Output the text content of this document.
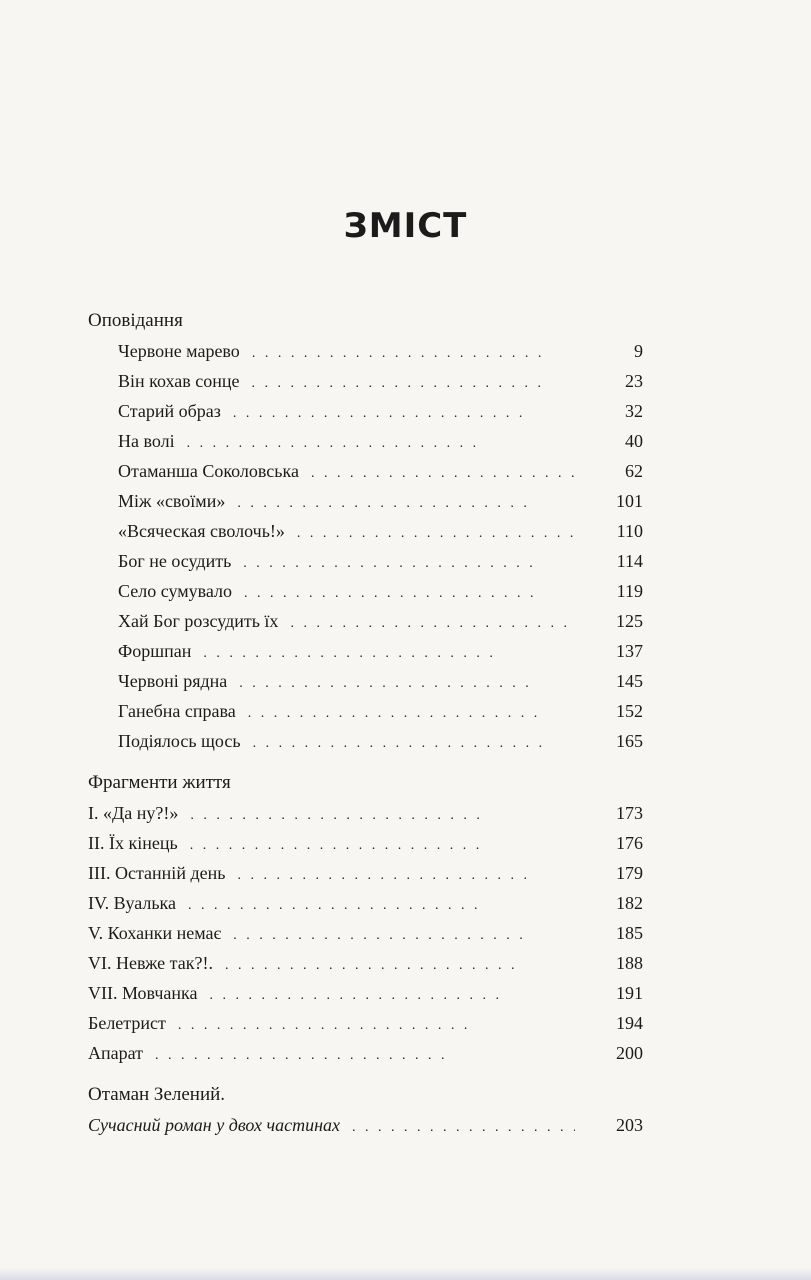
ЗМІСТ
Оповідання
Червоне марево . . .	9
Він кохав сонце . . .	23
Старий образ . . .	32
На волі . . .	40
Отаманша Соколовська . . .	62
Між «своїми» . . .	101
«Всяческая сволочь!» . . .	110
Бог не осудить . . .	114
Село сумувало . . .	119
Хай Бог розсудить їх . . .	125
Форшпан . . .	137
Червоні рядна . . .	145
Ганебна справа . . .	152
Подіялось щось . . .	165
Фрагменти життя
I. «Да ну?!» . . .	173
II. Їх кінець . . .	176
III. Останній день . . .	179
IV. Вуалька . . .	182
V. Коханки немає . . .	185
VI. Невже так?!. . . .	188
VII. Мовчанка . . .	191
Белетрист . . .	194
Апарат . . .	200
Отаман Зелений.
Сучасний роман у двох частинах . . .	203
